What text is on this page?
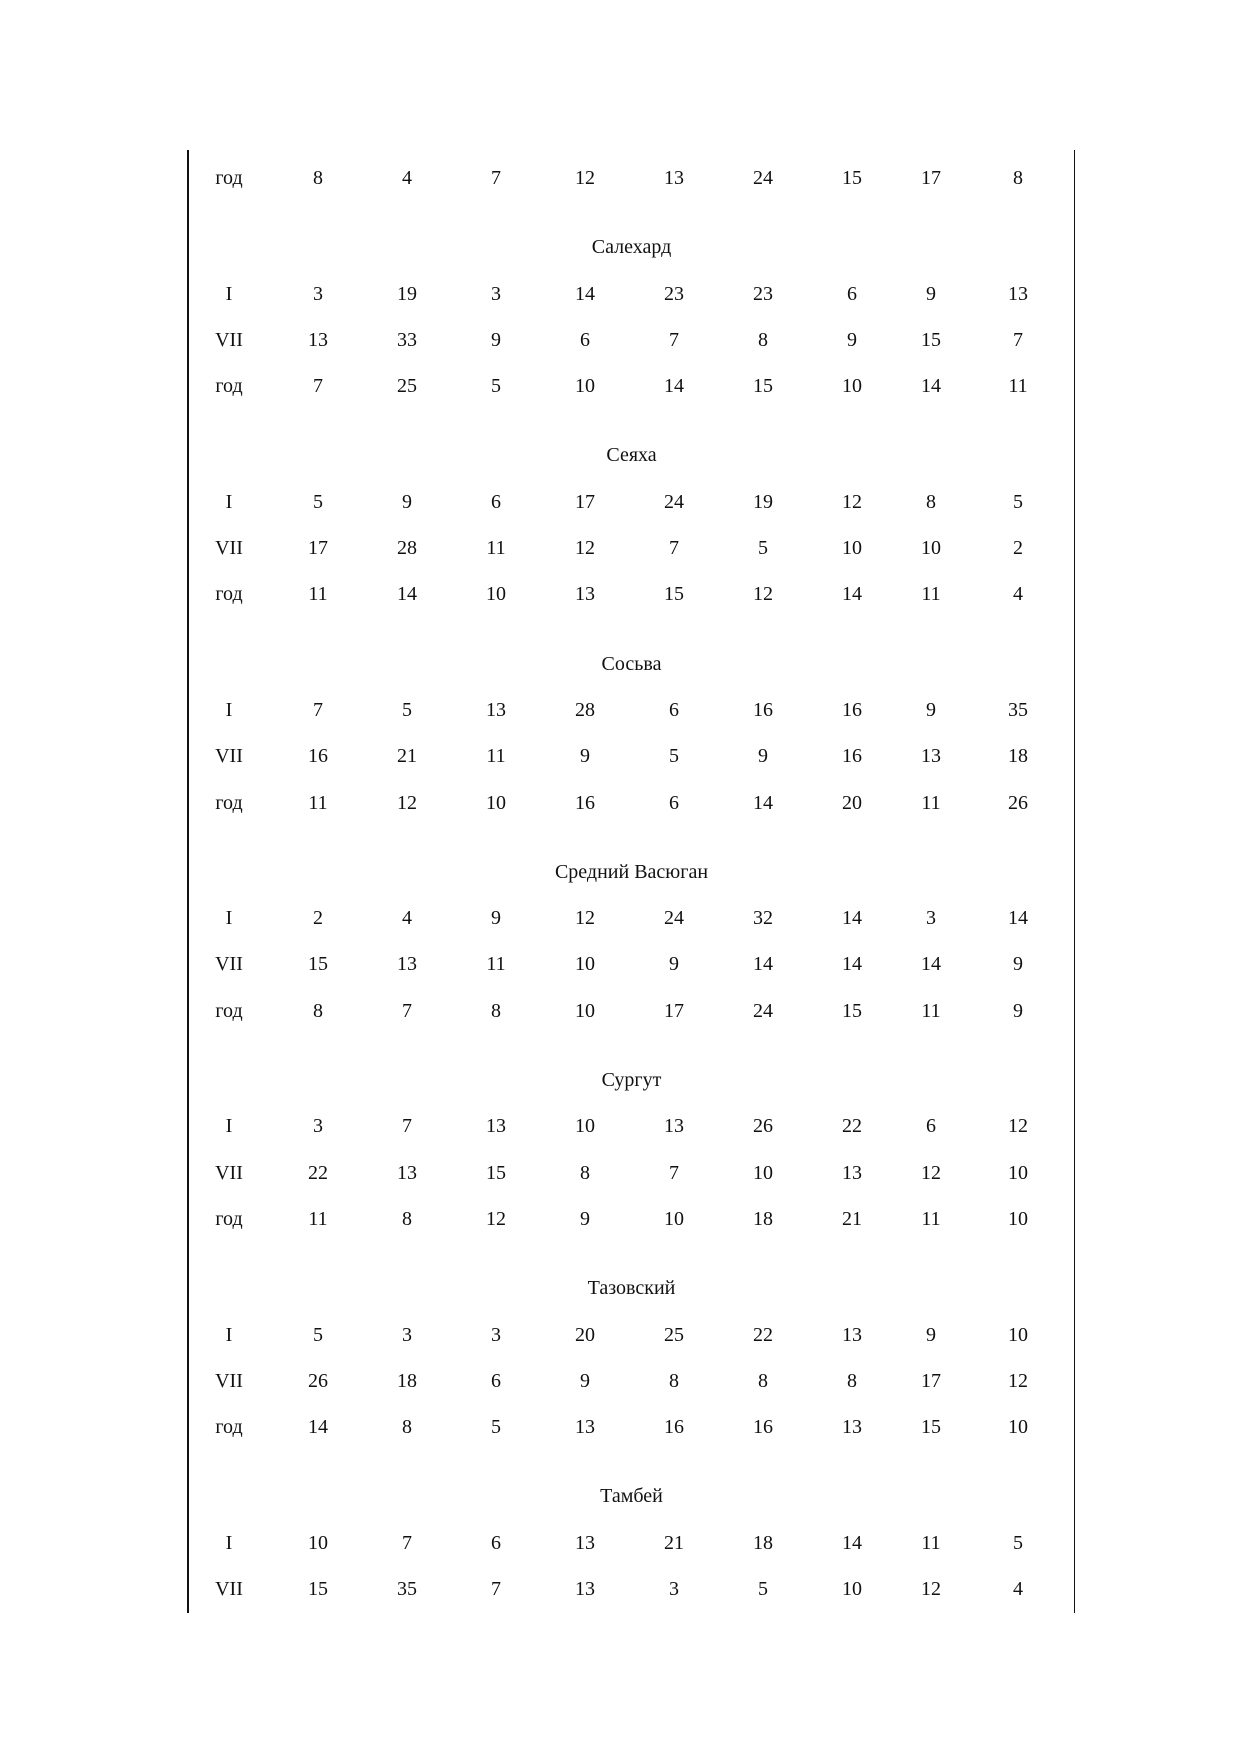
год	8	4	7	12	13	24	15	17	8
Салехард
I	3	19	3	14	23	23	6	9	13
VII	13	33	9	6	7	8	9	15	7
год	7	25	5	10	14	15	10	14	11
Сеяха
I	5	9	6	17	24	19	12	8	5
VII	17	28	11	12	7	5	10	10	2
год	11	14	10	13	15	12	14	11	4
Сосьва
I	7	5	13	28	6	16	16	9	35
VII	16	21	11	9	5	9	16	13	18
год	11	12	10	16	6	14	20	11	26
Средний Васюган
I	2	4	9	12	24	32	14	3	14
VII	15	13	11	10	9	14	14	14	9
год	8	7	8	10	17	24	15	11	9
Сургут
I	3	7	13	10	13	26	22	6	12
VII	22	13	15	8	7	10	13	12	10
год	11	8	12	9	10	18	21	11	10
Тазовский
I	5	3	3	20	25	22	13	9	10
VII	26	18	6	9	8	8	8	17	12
год	14	8	5	13	16	16	13	15	10
Тамбей
I	10	7	6	13	21	18	14	11	5
VII	15	35	7	13	3	5	10	12	4
